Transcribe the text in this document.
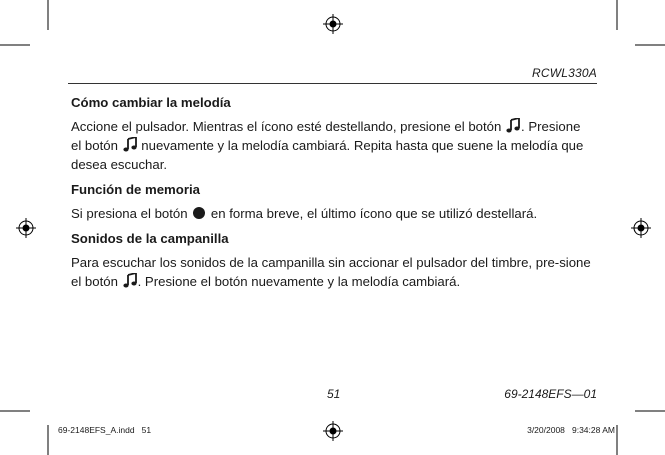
RCWL330A
Cómo cambiar la melodía

Accione el pulsador. Mientras el ícono esté destellando, presione el botón . Presione el botón nuevamente y la melodía cambiará. Repita hasta que suene la melodía que desea escuchar.

Función de memoria

Si presiona el botón en forma breve, el último ícono que se utilizó destellará.

Sonidos de la campanilla

Para escuchar los sonidos de la campanilla sin accionar el pulsador del timbre, pre-sione el botón . Presione el botón nuevamente y la melodía cambiará.

51	69-2148EFS—01
69-2148EFS_A.indd   51	3/20/2008   9:34:28 AM
